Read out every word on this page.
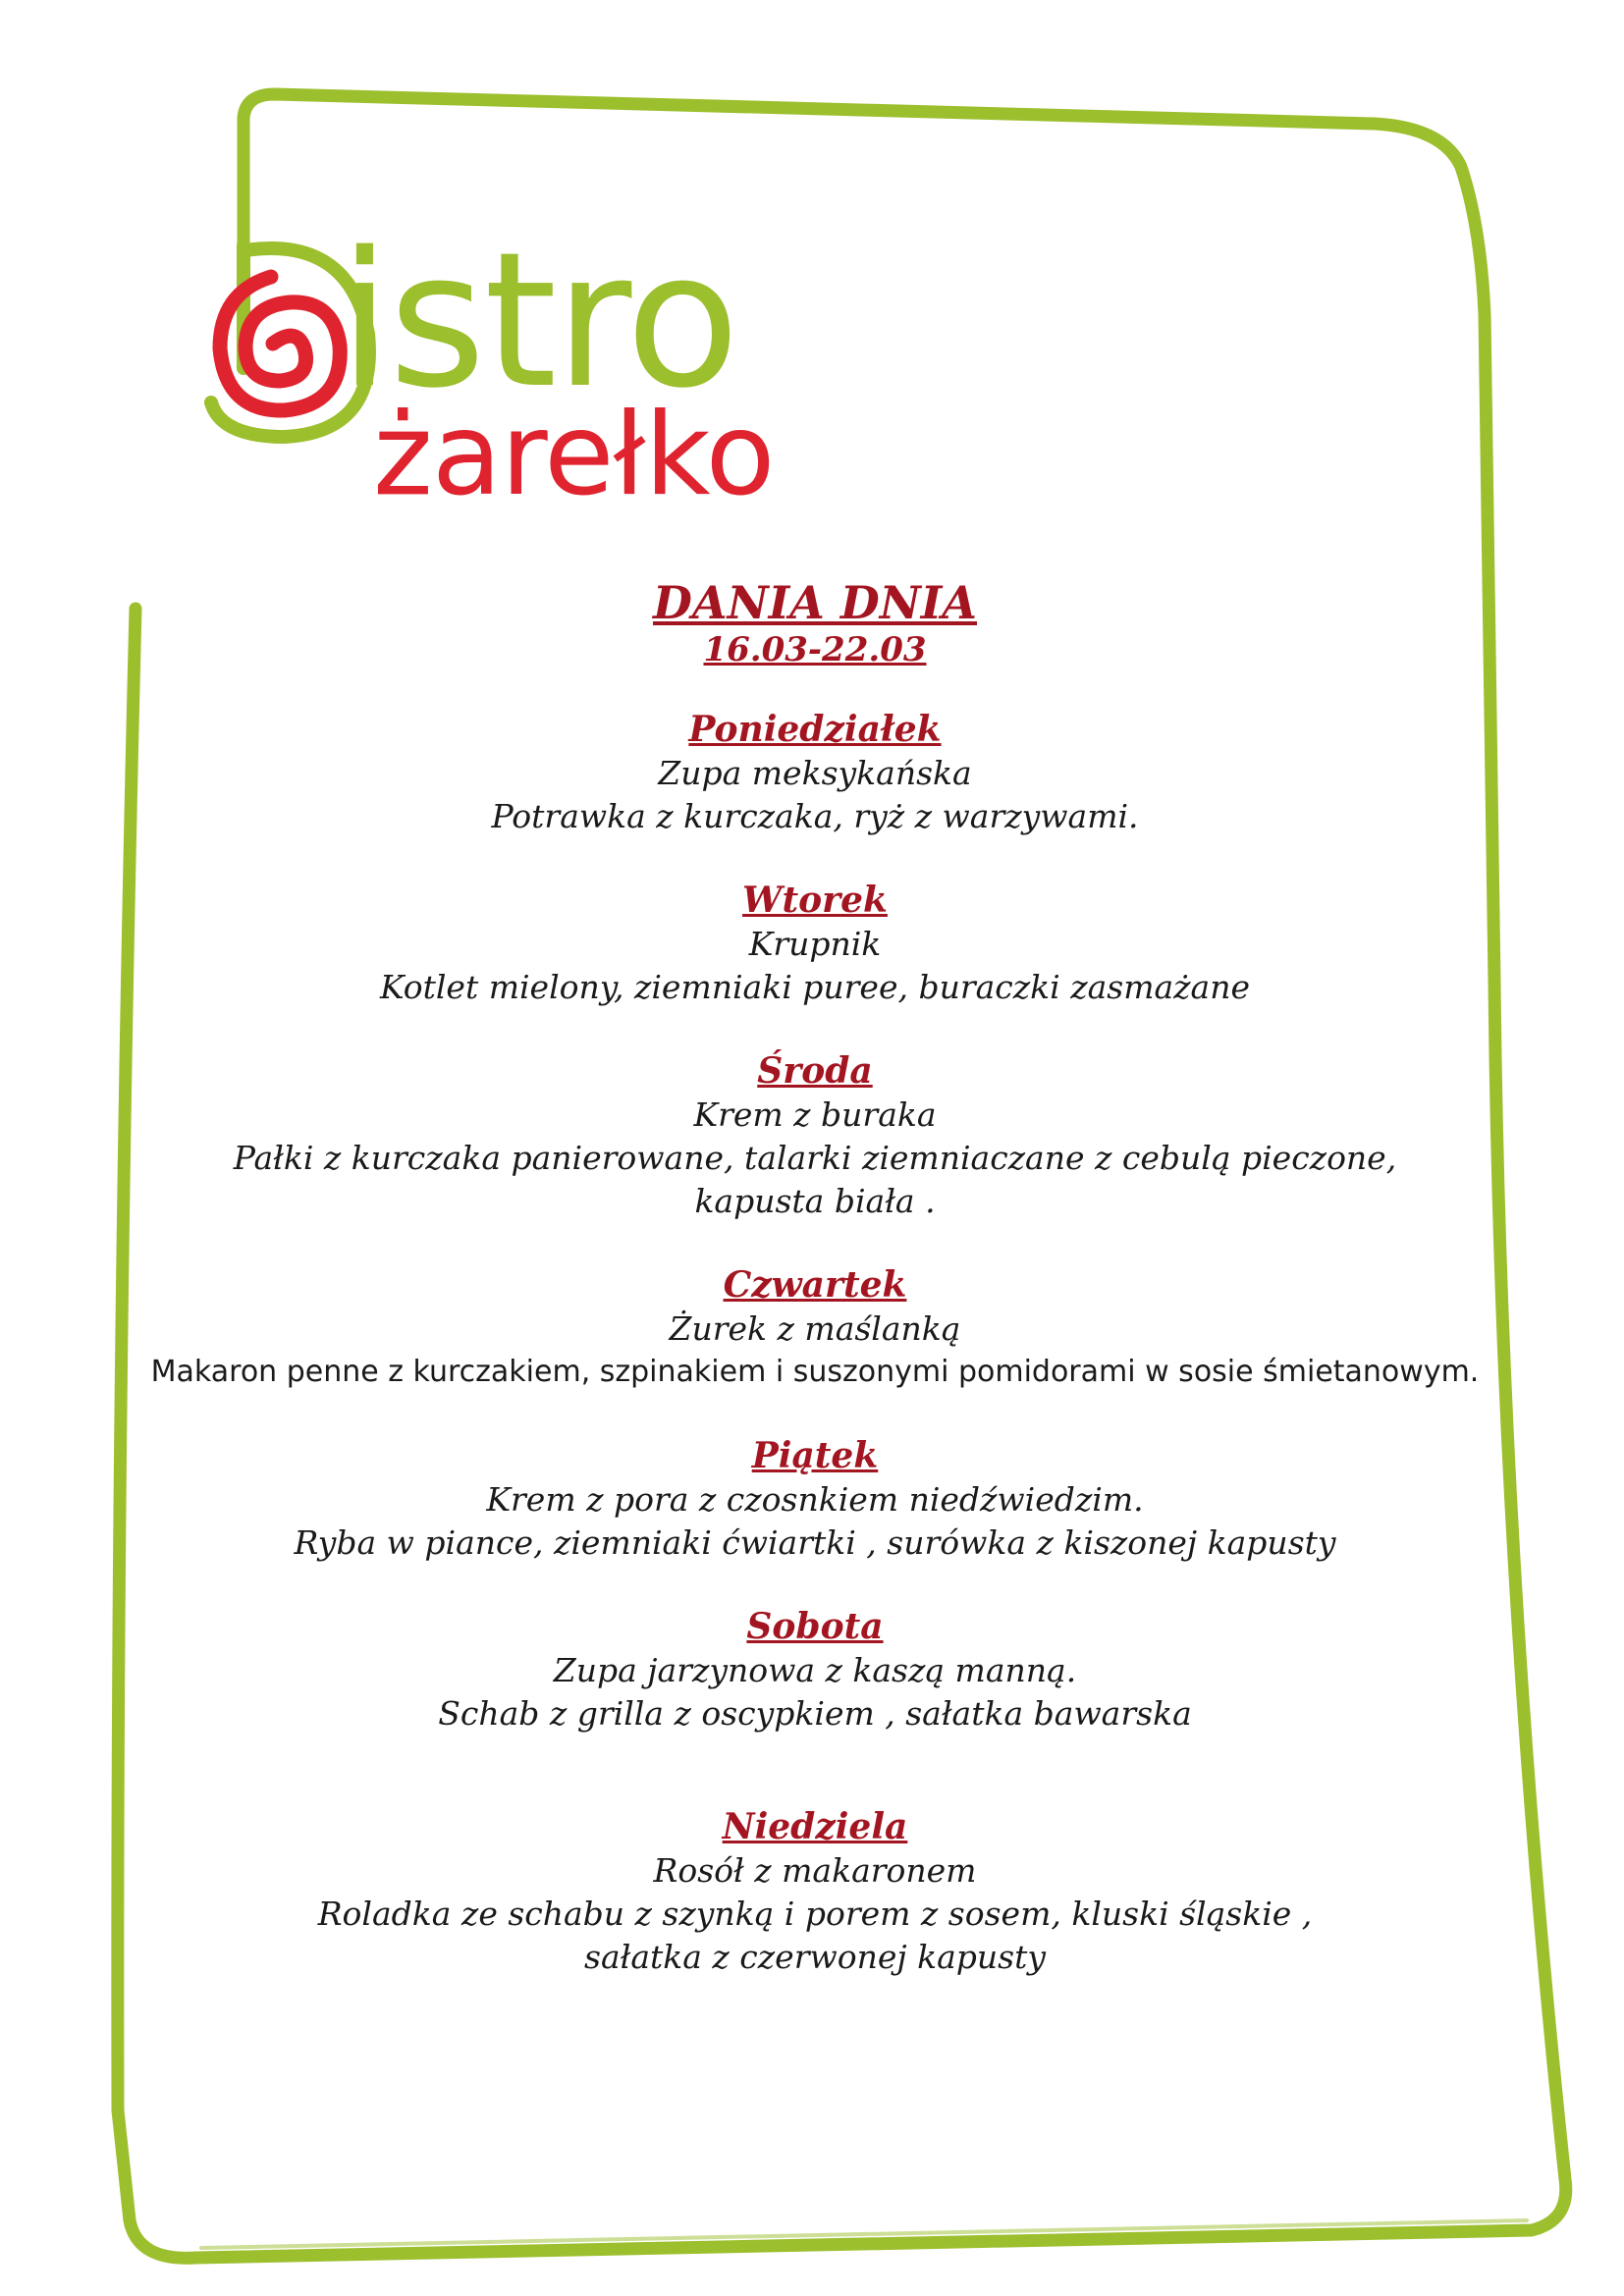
istro
żarełko
DANIA DNIA
16.03-22.03
Poniedziałek
Zupa meksykańska
Potrawka z kurczaka, ryż z warzywami.
Wtorek
Krupnik
Kotlet mielony, ziemniaki puree, buraczki zasmażane
Środa
Krem z buraka
Pałki z kurczaka panierowane, talarki ziemniaczane z cebulą pieczone,
kapusta biała .
Czwartek
Żurek z maślanką
Makaron penne z kurczakiem, szpinakiem i suszonymi pomidorami w sosie śmietanowym.
Piątek
Krem z pora z czosnkiem niedźwiedzim.
Ryba w piance, ziemniaki ćwiartki , surówka z kiszonej kapusty
Sobota
Zupa jarzynowa z kaszą manną.
Schab z grilla z oscypkiem , sałatka bawarska
Niedziela
Rosół z makaronem
Roladka ze schabu z szynką i porem z sosem, kluski śląskie ,
sałatka z czerwonej kapusty
